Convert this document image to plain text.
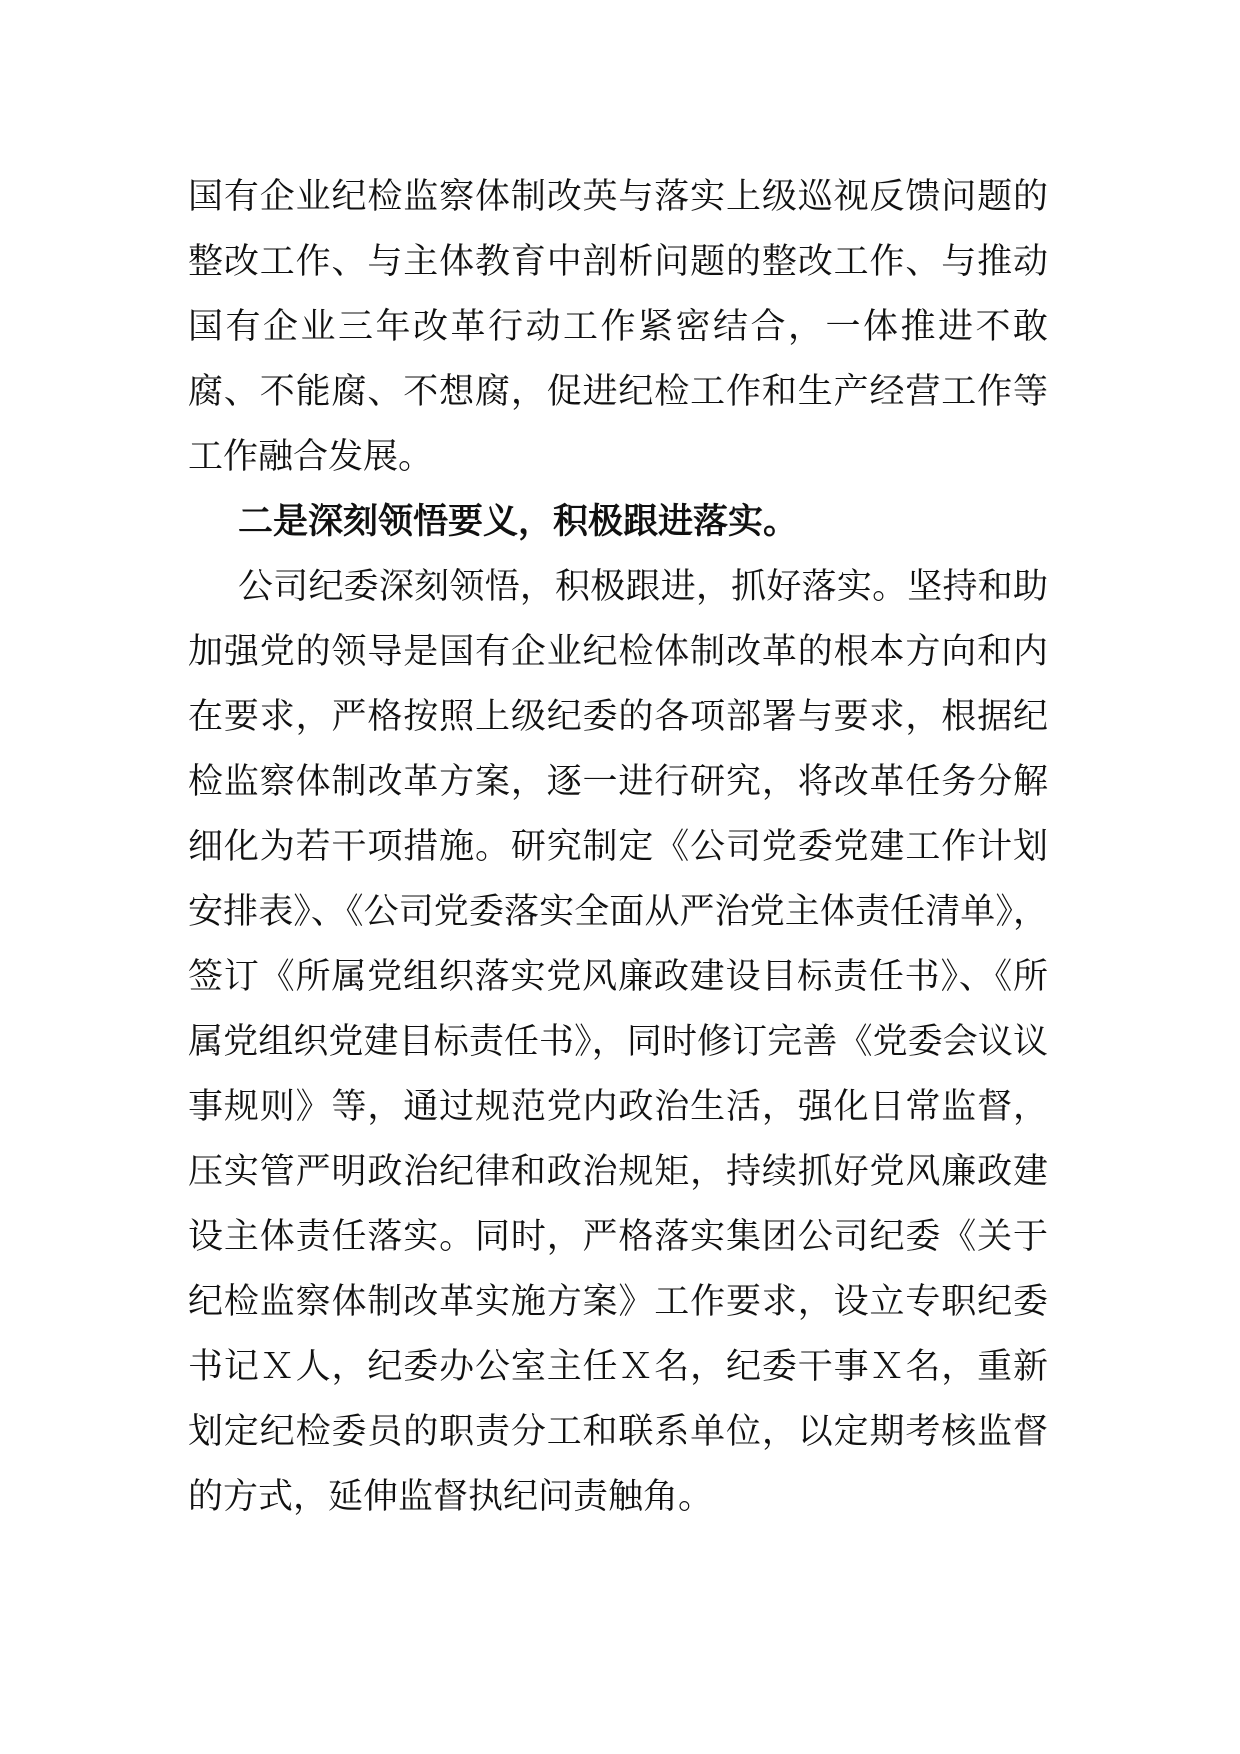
国有企业纪检监察体制改英与落实上级巡视反馈问题的整改工作、与主体教育中剖析问题的整改工作、与推动国有企业三年改革行动工作紧密结合，一体推进不敢腐、不能腐、不想腐，促进纪检工作和生产经营工作等工作融合发展。

二是深刻领悟要义，积极跟进落实。

公司纪委深刻领悟，积极跟进，抓好落实。坚持和助加强党的领导是国有企业纪检体制改革的根本方向和内在要求，严格按照上级纪委的各项部署与要求，根据纪检监察体制改革方案，逐一进行研究，将改革任务分解细化为若干项措施。研究制定《公司党委党建工作计划安排表》、《公司党委落实全面从严治党主体责任清单》，签订《所属党组织落实党风廉政建设目标责任书》、《所属党组织党建目标责任书》，同时修订完善《党委会议议事规则》等，通过规范党内政治生活，强化日常监督，压实管严明政治纪律和政治规矩，持续抓好党风廉政建设主体责任落实。同时，严格落实集团公司纪委《关于纪检监察体制改革实施方案》工作要求，设立专职纪委书记Ｘ人，纪委办公室主任Ｘ名，纪委干事Ｘ名，重新划定纪检委员的职责分工和联系单位，以定期考核监督的方式，延伸监督执纪问责触角。
